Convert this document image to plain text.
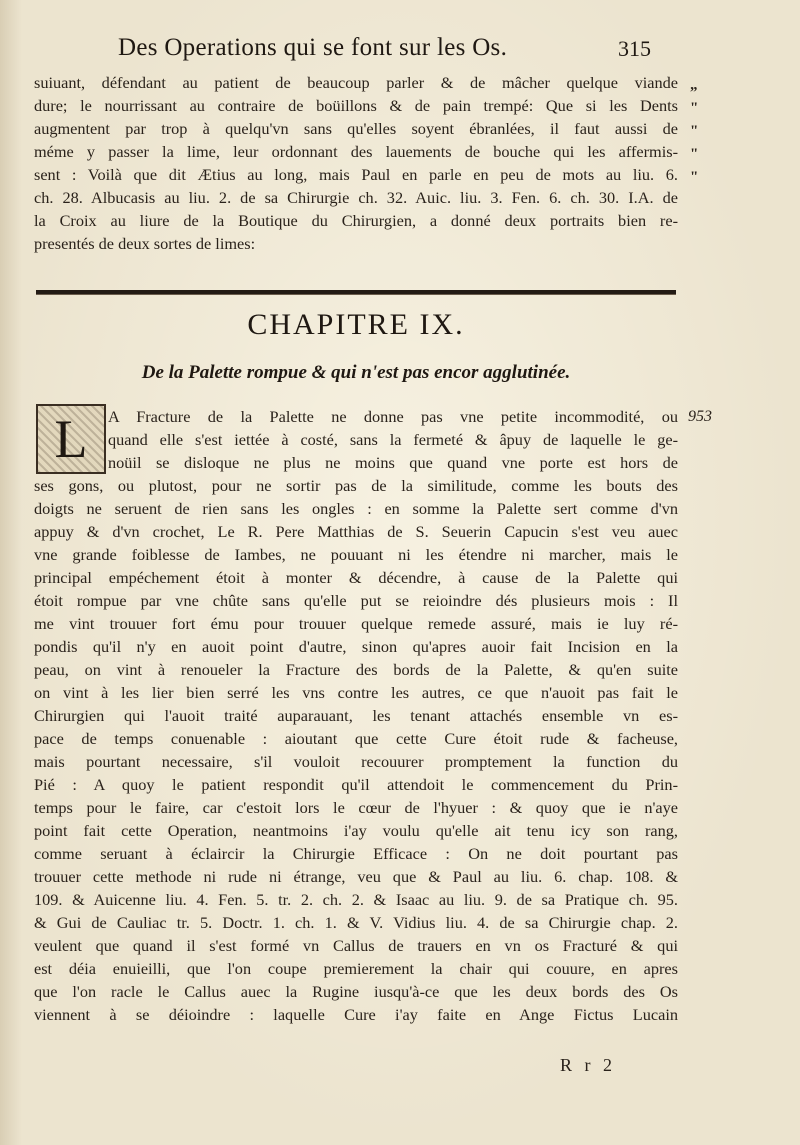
Des Operations qui se font sur les Os.	315
suiuant, défendant au patient de beaucoup parler & de mâcher quelque viande
dure; le nourrissant au contraire de boüillons & de pain trempé: Que si les Dents
augmentent par trop à quelqu'vn sans qu'elles soyent ébranlées, il faut aussi de
méme y passer la lime, leur ordonnant des lauements de bouche qui les affermis-
sent : Voilà que dit Ætius au long, mais Paul en parle en peu de mots au liu. 6.
ch. 28. Albucasis au liu. 2. de sa Chirurgie ch. 32. Auic. liu. 3. Fen. 6. ch. 30. I.A. de
la Croix au liure de la Boutique du Chirurgien, a donné deux portraits bien re-
presentés de deux sortes de limes:
„
"
"
"
"
CHAPITRE IX.
De la Palette rompue & qui n'est pas encor agglutinée.
L	953
A Fracture de la Palette ne donne pas vne petite incommodité, ou
quand elle s'est iettée à costé, sans la fermeté & âpuy de laquelle le ge-
noüil se disloque ne plus ne moins que quand vne porte est hors de
ses gons, ou plutost, pour ne sortir pas de la similitude, comme les bouts des
doigts ne seruent de rien sans les ongles : en somme la Palette sert comme d'vn
appuy & d'vn crochet, Le R. Pere Matthias de S. Seuerin Capucin s'est veu auec
vne grande foiblesse de Iambes, ne pouuant ni les étendre ni marcher, mais le
principal empéchement étoit à monter & décendre, à cause de la Palette qui
étoit rompue par vne chûte sans qu'elle put se reioindre dés plusieurs mois : Il
me vint trouuer fort ému pour trouuer quelque remede assuré, mais ie luy ré-
pondis qu'il n'y en auoit point d'autre, sinon qu'apres auoir fait Incision en la
peau, on vint à renoueler la Fracture des bords de la Palette, & qu'en suite
on vint à les lier bien serré les vns contre les autres, ce que n'auoit pas fait le
Chirurgien qui l'auoit traité auparauant, les tenant attachés ensemble vn es-
pace de temps conuenable : aioutant que cette Cure étoit rude & facheuse,
mais pourtant necessaire, s'il vouloit recouurer promptement la function du
Pié : A quoy le patient respondit qu'il attendoit le commencement du Prin-
temps pour le faire, car c'estoit lors le cœur de l'hyuer : & quoy que ie n'aye
point fait cette Operation, neantmoins i'ay voulu qu'elle ait tenu icy son rang,
comme seruant à éclaircir la Chirurgie Efficace : On ne doit pourtant pas
trouuer cette methode ni rude ni étrange, veu que & Paul au liu. 6. chap. 108. &
109. & Auicenne liu. 4. Fen. 5. tr. 2. ch. 2. & Isaac au liu. 9. de sa Pratique ch. 95.
& Gui de Cauliac tr. 5. Doctr. 1. ch. 1. & V. Vidius liu. 4. de sa Chirurgie chap. 2.
veulent que quand il s'est formé vn Callus de trauers en vn os Fracturé & qui
est déia enuieilli, que l'on coupe premierement la chair qui couure, en apres
que l'on racle le Callus auec la Rugine iusqu'à-ce que les deux bords des Os
viennent à se déioindre : laquelle Cure i'ay faite en Ange Fictus Lucain
R r 2
